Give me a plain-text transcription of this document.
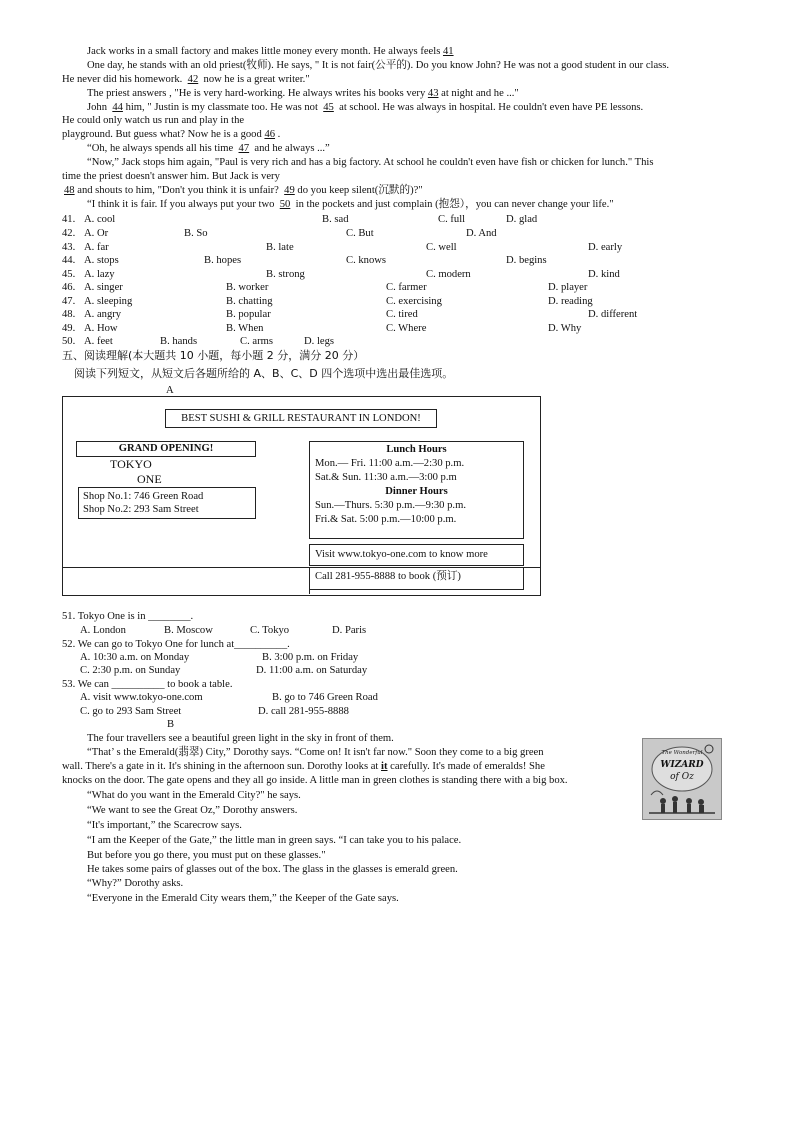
Jack works in a small factory and makes little money every month. He always feels 41
One day, he stands with an old priest(牧师). He says, " It is not fair(公平的). Do you know John? He was not a good student in our class.
He never did his homework.  42  now he is a great writer."
The priest answers , "He is very hard-working. He always writes his books very 43 at night and he ..."
John  44 him, " Justin is my classmate too. He was not  45  at school. He was always in hospital. He couldn't even have PE lessons.
He could only watch us run and play in the
playground. But guess what? Now he is a good 46 .
“Oh, he always spends all his time  47  and he always ...”
“Now,” Jack stops him again, "Paul is very rich and has a big factory. At school he couldn't even have fish or chicken for lunch." This
time the priest doesn't answer him. But Jack is very
48 and shouts to him, "Don't you think it is unfair?  49 do you keep silent(沉默的)?"
“I think it is fair. If you always put your two  50  in the pockets and just complain (抱怨），you can never change your life."
41. A. cool	B. sad	C. full	D. glad
42. A. Or	B. So	C. But	D. And
43. A. far	B. late	C. well	D. early
44. A. stops	B. hopes	C. knows	D. begins
45. A. lazy	B. strong	C. modern	D. kind
46. A. singer	B. worker	C. farmer	D. player
47. A. sleeping	B. chatting	C. exercising	D. reading
48. A. angry	B. popular	C. tired	D. different
49. A. How	B. When	C. Where	D. Why
50. A. feet	B. hands	C. arms	D. legs
五、阅读理解(本大题共 10 小题，每小题 2 分，满分 20 分）
阅读下列短文，从短文后各题所给的 A、B、C、D 四个选项中选出最佳选项。
A
BEST SUSHI & GRILL RESTAURANT IN LONDON!
GRAND OPENING!
TOKYO
ONE
Shop No.1: 746 Green Road
Shop No.2: 293 Sam Street
Lunch Hours
Mon.— Fri. 11:00 a.m.—2:30 p.m.
Sat.& Sun. 11:30 a.m.—3:00 p.m
Dinner Hours
Sun.—Thurs. 5:30 p.m.—9:30 p.m.
Fri.& Sat. 5:00 p.m.—10:00 p.m.
Visit www.tokyo-one.com to know more
Call 281-955-8888 to book (预订)
51. Tokyo One is in ________.
A. London	B. Moscow	C. Tokyo	D. Paris
52. We can go to Tokyo One for lunch at__________.
A. 10:30 a.m. on Monday	B. 3:00 p.m. on Friday
C. 2:30 p.m. on Sunday	D. 11:00 a.m. on Saturday
53. We can __________ to book a table.
A. visit www.tokyo-one.com	B. go to 746 Green Road
C. go to 293 Sam Street	D. call 281-955-8888
B
The four travellers see a beautiful green light in the sky in front of them.
“That’ s the Emerald(翡翠) City,” Dorothy says. “Come on! It isn't far now." Soon they come to a big green
wall. There's a gate in it. It's shining in the afternoon sun. Dorothy looks at it carefully. It's made of emeralds! She
knocks on the door. The gate opens and they all go inside. A little man in green clothes is standing there with a big box.
“What do you want in the Emerald City?" he says.
“We want to see the Great Oz,” Dorothy answers.
“It's important,” the Scarecrow says.
“I am the Keeper of the Gate,” the little man in green says. “I can take you to his palace.
But before you go there, you must put on these glasses."
He takes some pairs of glasses out of the box. The glass in the glasses is emerald green.
“Why?” Dorothy asks.
“Everyone in the Emerald City wears them,” the Keeper of the Gate says.
The Wonderful
WIZARD
of Oz
